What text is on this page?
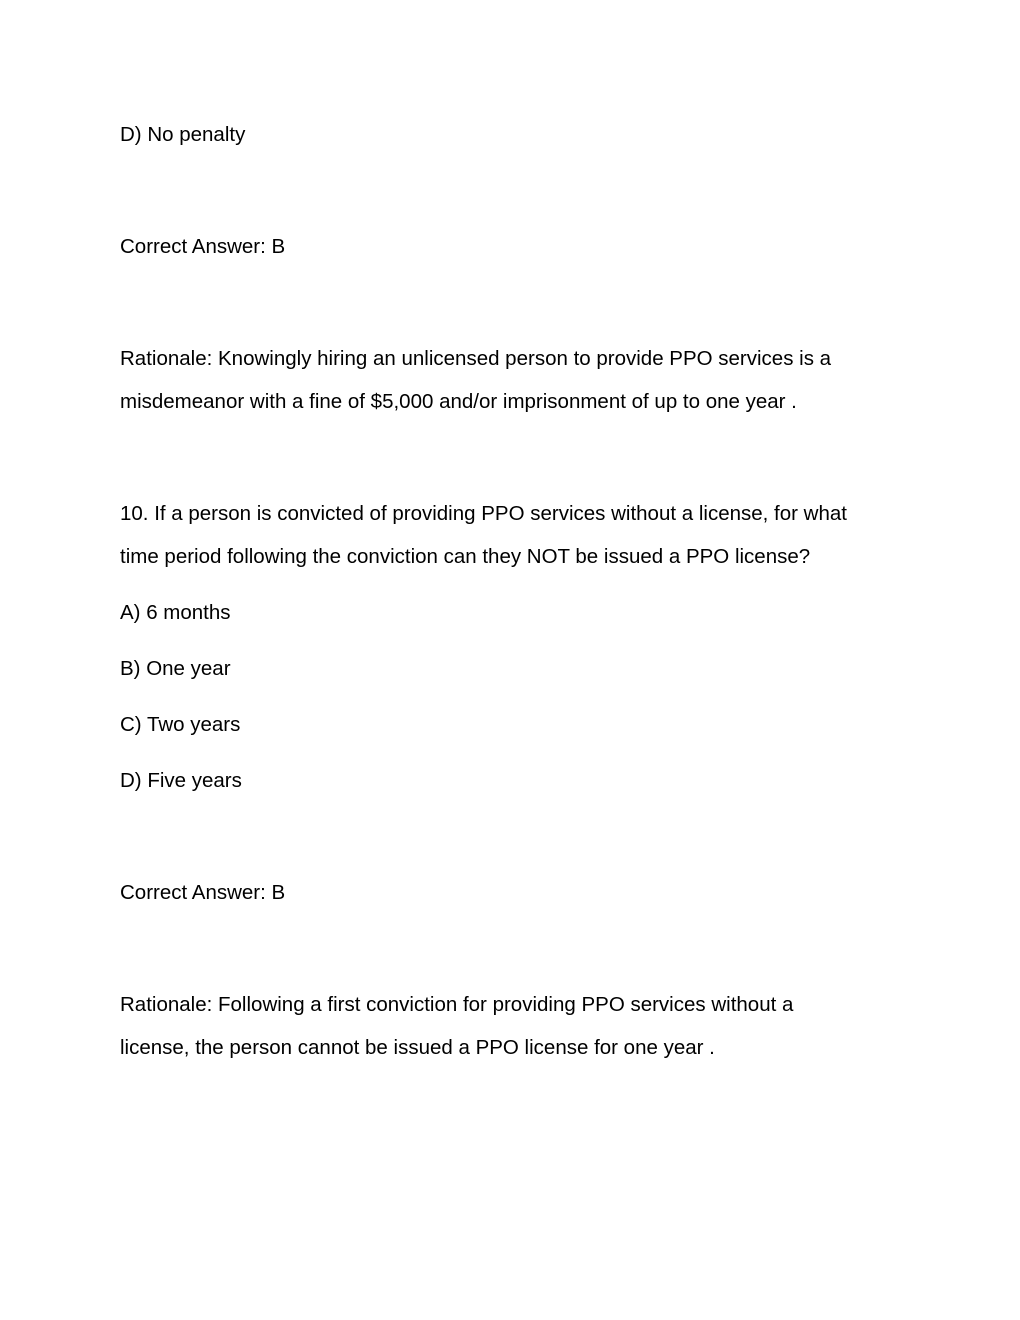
D) No penalty
Correct Answer: B
Rationale: Knowingly hiring an unlicensed person to provide PPO services is a
misdemeanor with a fine of $5,000 and/or imprisonment of up to one year .
10. If a person is convicted of providing PPO services without a license, for what
time period following the conviction can they NOT be issued a PPO license?
A) 6 months
B) One year
C) Two years
D) Five years
Correct Answer: B
Rationale: Following a first conviction for providing PPO services without a
license, the person cannot be issued a PPO license for one year .
